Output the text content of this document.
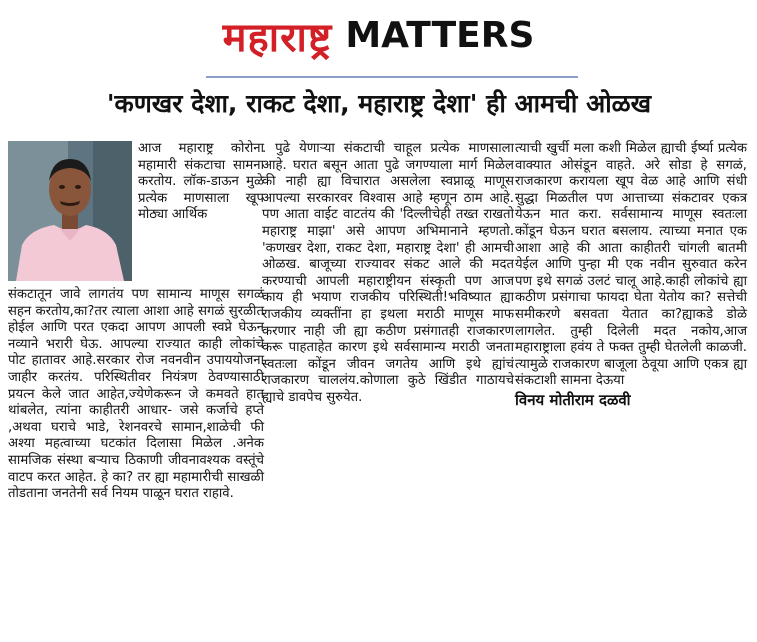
महाराष्ट्र MATTERS
'कणखर देशा, राकट देशा, महाराष्ट्र देशा' ही आमची ओळख

आज महाराष्ट्र कोरोना महामारी संकटाचा सामना करतोय. लॉक-डाऊन मुळे प्रत्येक माणसाला खूप मोठ्या आर्थिक

संकटातून जावे लागतंय पण सामान्य माणूस सगळं सहन करतोय,का?तर त्याला आशा आहे सगळं सुरळीत होईल आणि परत एकदा आपण आपली स्वप्ने घेऊन नव्याने भरारी घेऊ. आपल्या राज्यात काही लोकांचे पोट हातावर आहे.सरकार रोज नवनवीन उपाययोजना जाहीर करतंय. परिस्थितीवर नियंत्रण ठेवण्यासाठी प्रयत्न केले जात आहेत,ज्येणेकरून जे कमवते हात थांबलेत, त्यांना काहीतरी आधार- जसे कर्जाचे हप्ते ,अथवा घराचे भाडे, रेशनवरचे सामान,शाळेची फी अश्या महत्वाच्या घटकांत दिलासा मिळेल .अनेक सामजिक संस्था बऱ्याच ठिकाणी जीवनावश्यक वस्तूंचे वाटप करत आहेत. हे का? तर ह्या महामारीची साखळी तोडताना जनतेनी सर्व नियम पाळून घरात राहावे.

. पुढे येणाऱ्या संकटाची चाहूल प्रत्येक माणसाला आहे. घरात बसून आता पुढे जगण्याला मार्ग मिळेल की नाही ह्या विचारात असलेला स्वप्नाळू माणूस आपल्या सरकारवर विश्वास आहे म्हणून ठाम आहे. पण आता वाईट वाटतंय की 'दिल्लीचेही तख्त राखतो महाराष्ट्र माझा' असे आपण अभिमानाने म्हणतो. 'कणखर देशा, राकट देशा, महाराष्ट्र देशा' ही आमची ओळख. बाजूच्या राज्यावर संकट आले की मदत करण्याची आपली महाराष्ट्रीयन संस्कृती पण आज काय ही भयाण राजकीय परिस्थिती!भविष्यात ह्या राजकीय व्यक्तींना हा इथला मराठी माणूस माफ करणार नाही जी ह्या कठीण प्रसंगातही राजकारण करू पाहताहेत कारण इथे सर्वसामान्य मराठी जनता स्वतःला कोंडून जीवन जगतेय आणि इथे ह्यांचं राजकारण चाललंय.कोणाला कुठे खिंडीत गाठायचे ह्याचे डावपेच सुरुयेत.

त्याची खुर्ची मला कशी मिळेल ह्याची ईर्ष्या प्रत्येक वाक्यात ओसंडून वाहते. अरे सोडा हे सगळं, राजकारण करायला खूप वेळ आहे आणि संधी सुद्धा मिळतील पण आत्ताच्या संकटावर एकत्र येऊन मात करा. सर्वसामान्य माणूस स्वतःला कोंडून घेऊन घरात बसलाय. त्याच्या मनात एक आशा आहे की आता काहीतरी चांगली बातमी येईल आणि पुन्हा मी एक नवीन सुरुवात करेन पण इथे सगळं उलटं चालू आहे.काही लोकांचे ह्या कठीण प्रसंगाचा फायदा घेता येतोय का? सत्तेची समीकरणे बसवता येतात का?ह्याकडे डोळे लागलेत. तुम्ही दिलेली मदत नकोय,आज महाराष्ट्राला हवंय ते फक्त तुम्ही घेतलेली काळजी. त्यामुळे राजकारण बाजूला ठेवूया आणि एकत्र ह्या संकटाशी सामना देऊया

विनय मोतीराम दळवी
